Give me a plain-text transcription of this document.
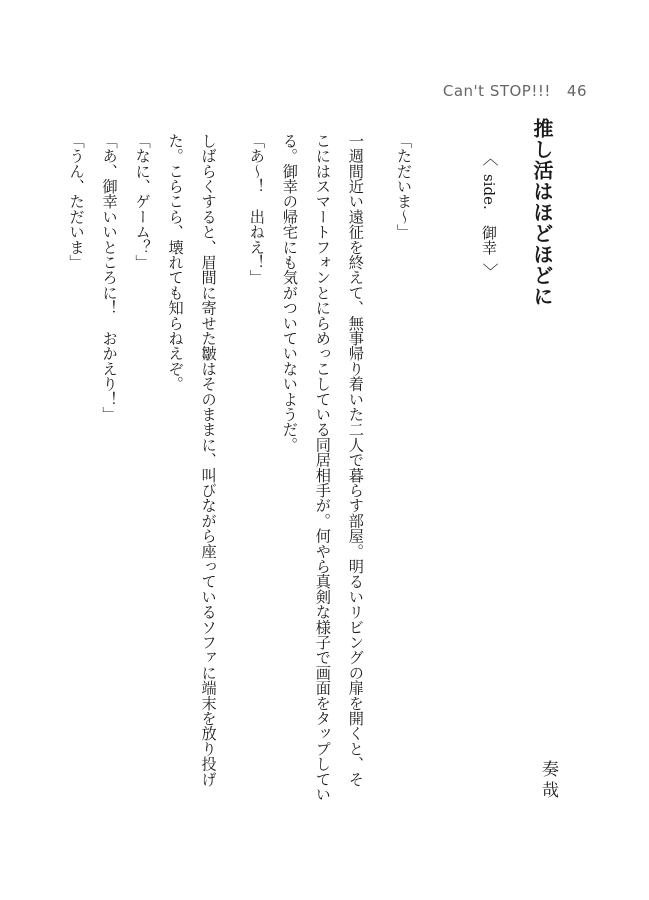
Can't STOP!!! 46
推し活はほどほどに
〈
side.　御幸
〉
奏哉
「ただいま〜」
一週間近い遠征を終えて、無事帰り着いた二人で暮らす部屋。明るいリビングの扉を開くと、そ
こにはスマートフォンとにらめっこしている同居相手が。何やら真剣な様子で画面をタップしてい
る。御幸の帰宅にも気がついていないようだ。
「あ〜！　出ねえ！」
しばらくすると、眉間に寄せた皺はそのままに、叫びながら座っているソファに端末を放り投げ
た。こらこら、壊れても知らねえぞ。
「なに、ゲーム？」
「あ、御幸いいところに！　おかえり！」
「うん、ただいま」
